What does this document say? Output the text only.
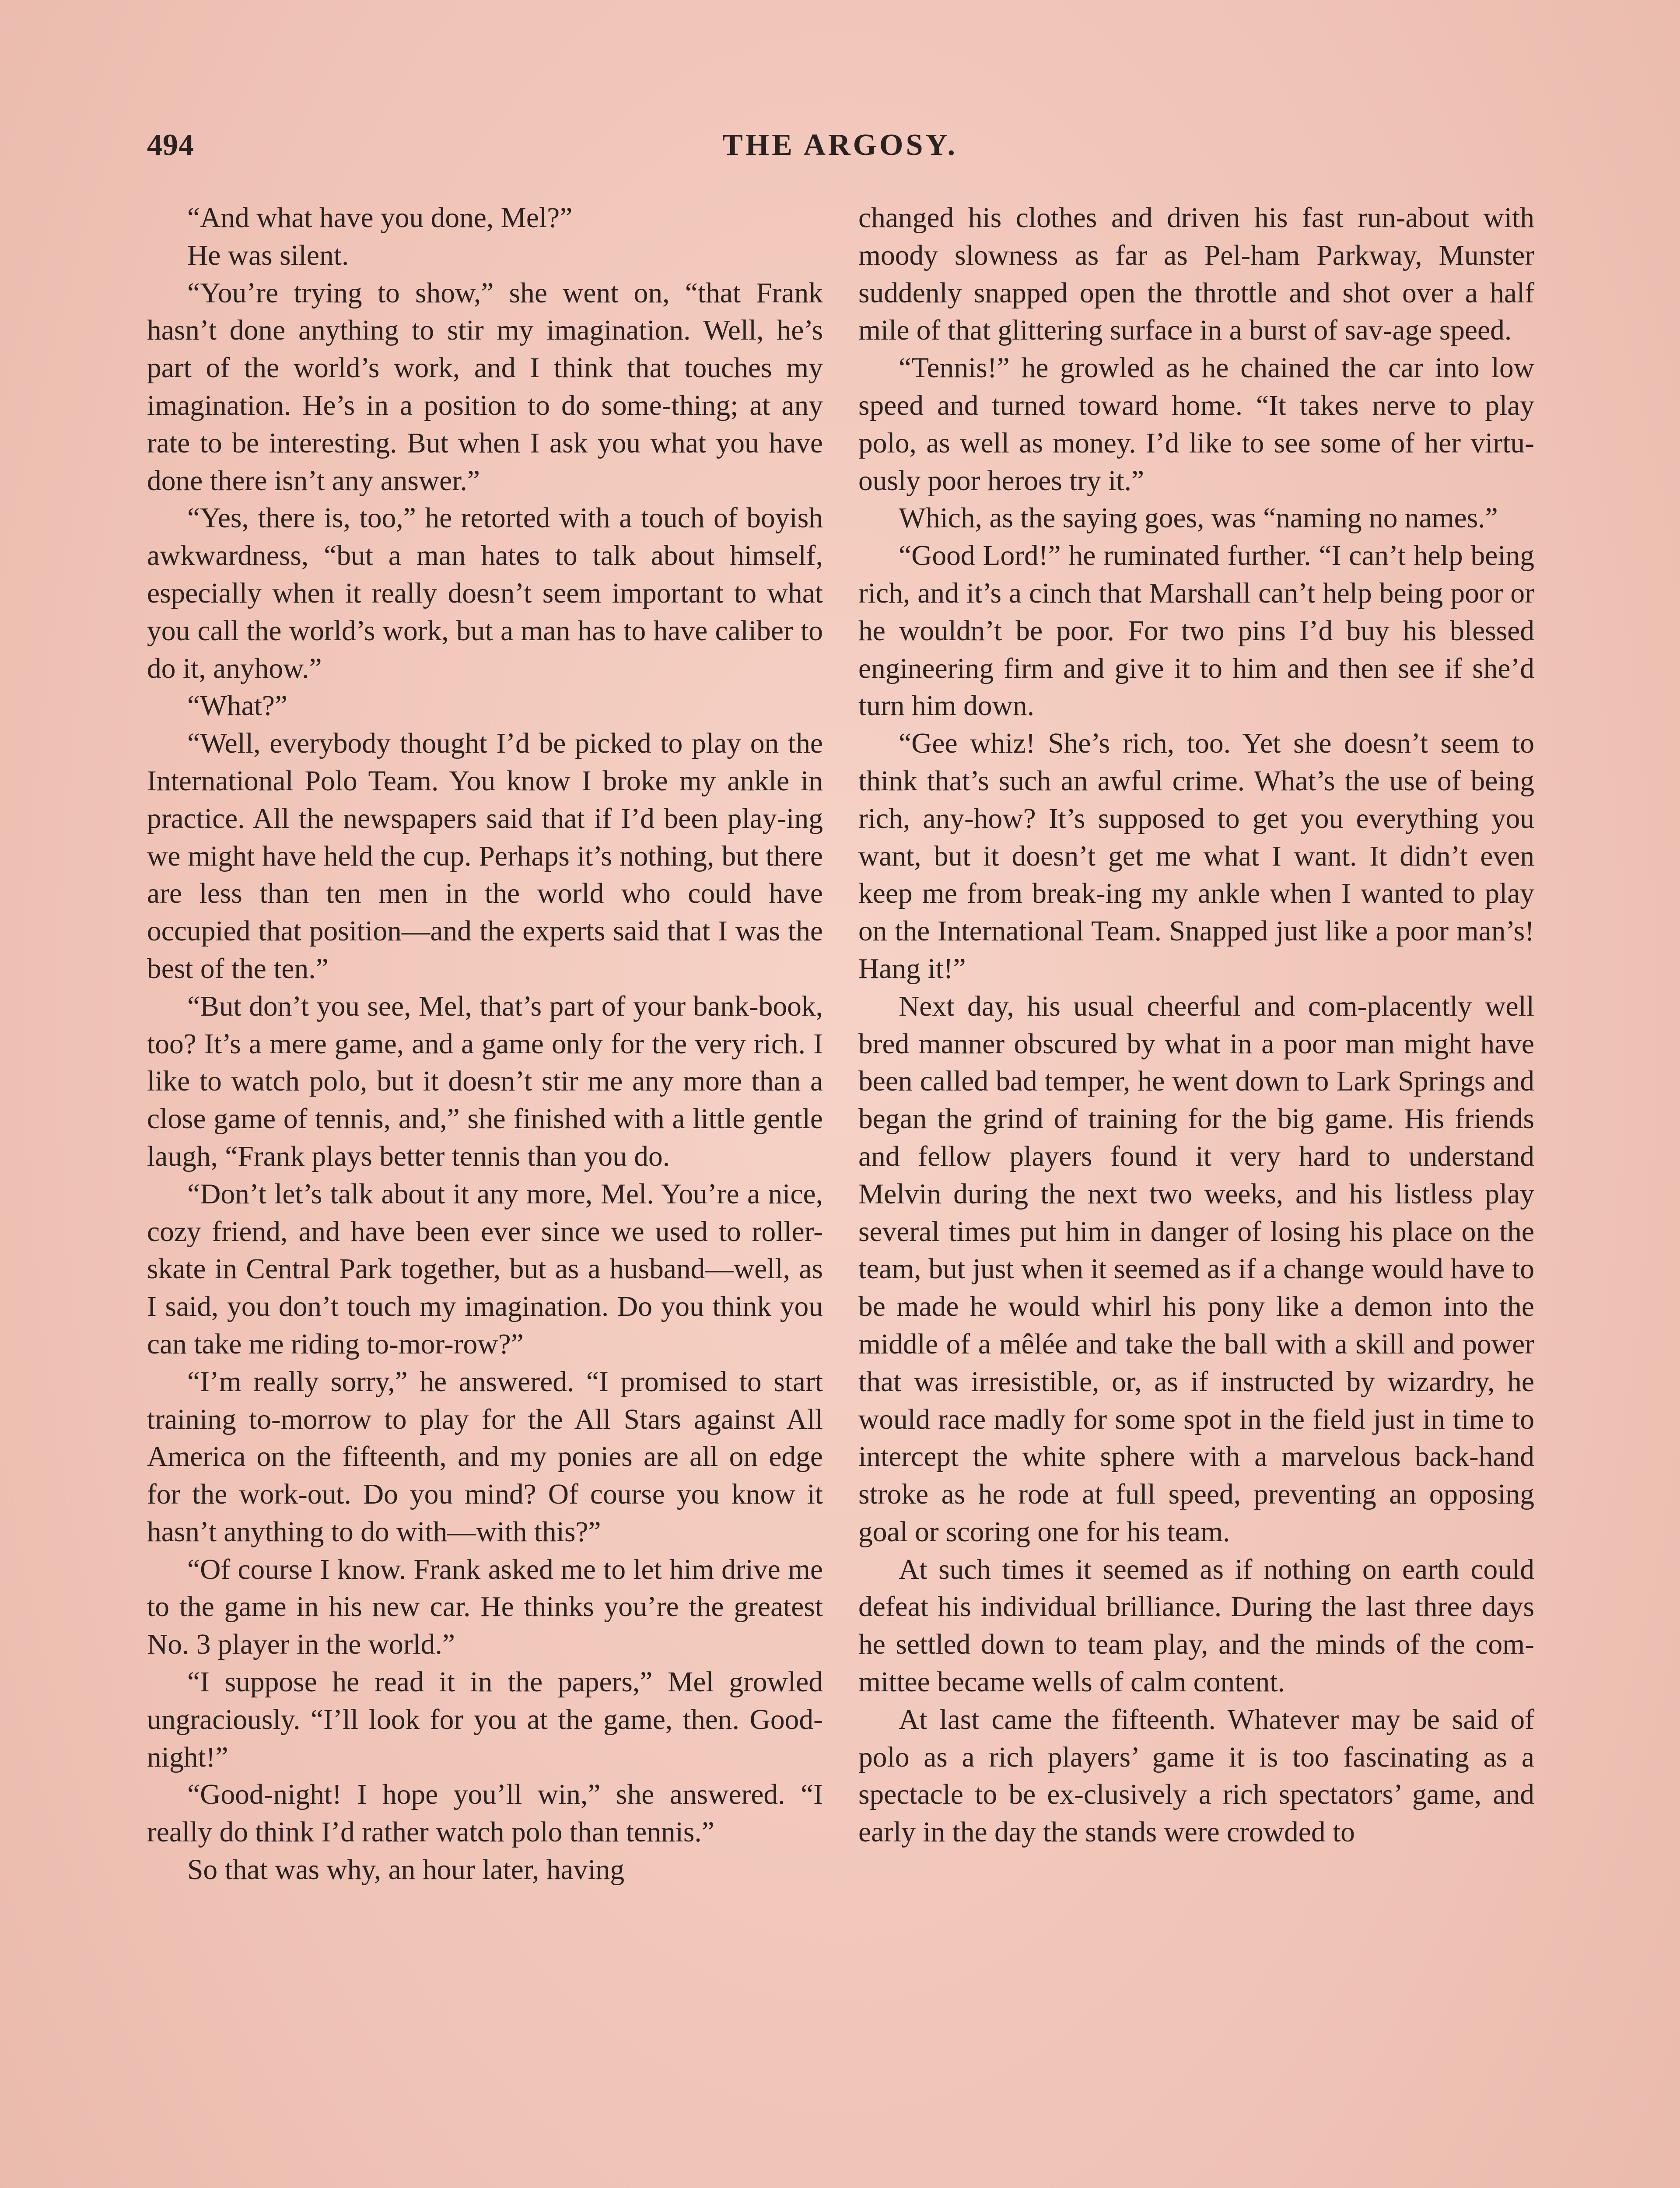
494	THE ARGOSY.

“And what have you done, Mel?”

He was silent.

“You’re trying to show,” she went on, “that Frank hasn’t done anything to stir my imagination. Well, he’s part of the world’s work, and I think that touches my imagination. He’s in a position to do some-thing; at any rate to be interesting. But when I ask you what you have done there isn’t any answer.”

“Yes, there is, too,” he retorted with a touch of boyish awkwardness, “but a man hates to talk about himself, especially when it really doesn’t seem important to what you call the world’s work, but a man has to have caliber to do it, anyhow.”

“What?”

“Well, everybody thought I’d be picked to play on the International Polo Team. You know I broke my ankle in practice. All the newspapers said that if I’d been play-ing we might have held the cup. Perhaps it’s nothing, but there are less than ten men in the world who could have occupied that position—and the experts said that I was the best of the ten.”

“But don’t you see, Mel, that’s part of your bank-book, too? It’s a mere game, and a game only for the very rich. I like to watch polo, but it doesn’t stir me any more than a close game of tennis, and,” she finished with a little gentle laugh, “Frank plays better tennis than you do.

“Don’t let’s talk about it any more, Mel. You’re a nice, cozy friend, and have been ever since we used to roller-skate in Central Park together, but as a husband—well, as I said, you don’t touch my imagination. Do you think you can take me riding to-mor-row?”

“I’m really sorry,” he answered. “I promised to start training to-morrow to play for the All Stars against All America on the fifteenth, and my ponies are all on edge for the work-out. Do you mind? Of course you know it hasn’t anything to do with—with this?”

“Of course I know. Frank asked me to let him drive me to the game in his new car. He thinks you’re the greatest No. 3 player in the world.”

“I suppose he read it in the papers,” Mel growled ungraciously. “I’ll look for you at the game, then. Good-night!”

“Good-night! I hope you’ll win,” she answered. “I really do think I’d rather watch polo than tennis.”

So that was why, an hour later, having

changed his clothes and driven his fast run-about with moody slowness as far as Pel-ham Parkway, Munster suddenly snapped open the throttle and shot over a half mile of that glittering surface in a burst of sav-age speed.

“Tennis!” he growled as he chained the car into low speed and turned toward home. “It takes nerve to play polo, as well as money. I’d like to see some of her virtu-ously poor heroes try it.”

Which, as the saying goes, was “naming no names.”

“Good Lord!” he ruminated further. “I can’t help being rich, and it’s a cinch that Marshall can’t help being poor or he wouldn’t be poor. For two pins I’d buy his blessed engineering firm and give it to him and then see if she’d turn him down.

“Gee whiz! She’s rich, too. Yet she doesn’t seem to think that’s such an awful crime. What’s the use of being rich, any-how? It’s supposed to get you everything you want, but it doesn’t get me what I want. It didn’t even keep me from break-ing my ankle when I wanted to play on the International Team. Snapped just like a poor man’s! Hang it!”

Next day, his usual cheerful and com-placently well bred manner obscured by what in a poor man might have been called bad temper, he went down to Lark Springs and began the grind of training for the big game. His friends and fellow players found it very hard to understand Melvin during the next two weeks, and his listless play several times put him in danger of losing his place on the team, but just when it seemed as if a change would have to be made he would whirl his pony like a demon into the middle of a mêlée and take the ball with a skill and power that was irresistible, or, as if instructed by wizardry, he would race madly for some spot in the field just in time to intercept the white sphere with a marvelous back-hand stroke as he rode at full speed, preventing an opposing goal or scoring one for his team.

At such times it seemed as if nothing on earth could defeat his individual brilliance. During the last three days he settled down to team play, and the minds of the com-mittee became wells of calm content.

At last came the fifteenth. Whatever may be said of polo as a rich players’ game it is too fascinating as a spectacle to be ex-clusively a rich spectators’ game, and early in the day the stands were crowded to
